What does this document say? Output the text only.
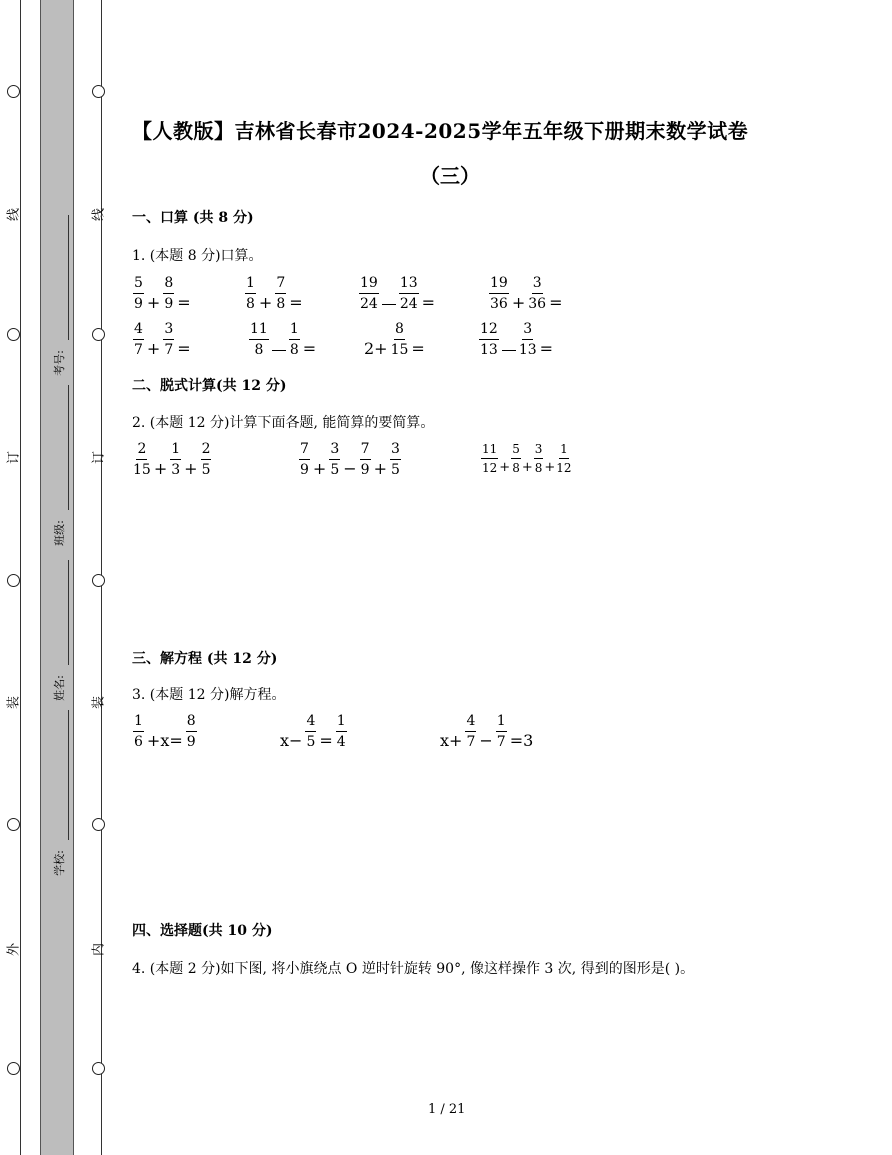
线
订
装
外
线
订
装
内
考号:
班级:
姓名:
学校:
【人教版】吉林省长春市2024-2025学年五年级下册期末数学试卷
（三）
一、口算 (共 8 分)
1. (本题 8 分)口算。
$\frac{5}{9} + \frac{8}{9}$ =	$\frac{1}{8} + \frac{7}{8}$ =	$\frac{19}{24} \frac{13}{24}$ =	$\frac{19}{36} + \frac{3}{36}$ =
$\frac{4}{7} + \frac{3}{7}$ =	$\frac{11}{8} \frac{1}{8}$ =	$2+ \frac{8}{15}$ =	$\frac{12}{13} \frac{3}{13}$ =
二、脱式计算(共 12 分)
2. (本题 12 分)计算下面各题, 能简算的要简算。
$\frac{2}{15} + \frac{1}{3} + \frac{2}{5}$	$\frac{7}{9} + \frac{3}{5} - \frac{7}{9} + \frac{3}{5}$	$\frac{11}{12} + \frac{5}{8} + \frac{3}{8} + \frac{1}{12}$
三、解方程 (共 12 分)
3. (本题 12 分)解方程。
$\frac{1}{6} +x= \frac{8}{9}$	$x- \frac{4}{5} = \frac{1}{4}$	$x+ \frac{4}{7} - \frac{1}{7} =3$
四、选择题(共 10 分)
4. (本题 2 分)如下图, 将小旗绕点 O 逆时针旋转 90°, 像这样操作 3 次, 得到的图形是( )。
1 / 21
